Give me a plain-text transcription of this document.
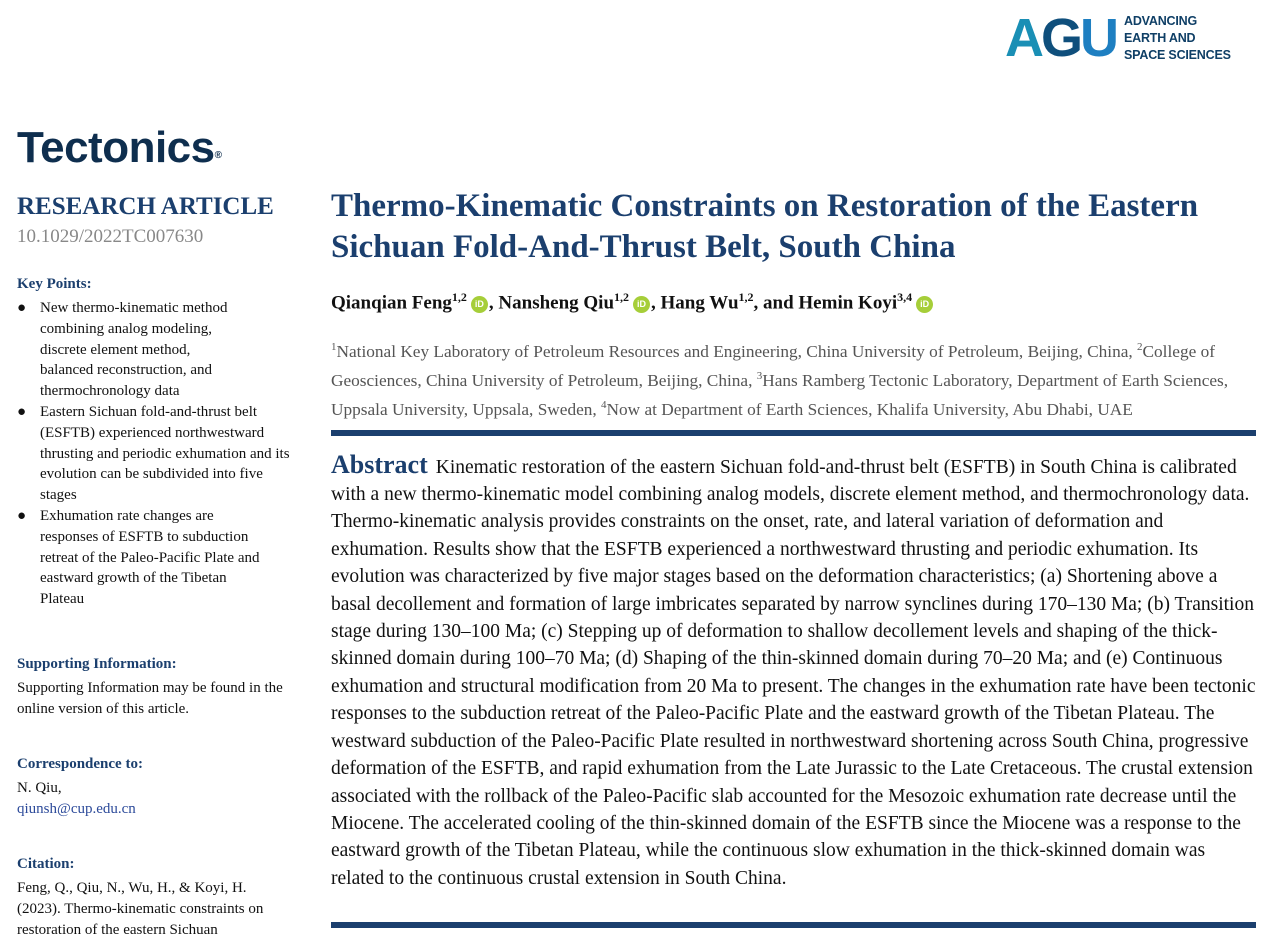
AGU ADVANCING
EARTH AND
SPACE SCIENCES
Tectonics®
RESEARCH ARTICLE
10.1029/2022TC007630
Key Points:
● New thermo-kinematic method combining analog modeling, discrete element method, balanced reconstruction, and thermochronology data
● Eastern Sichuan fold-and-thrust belt (ESFTB) experienced northwestward thrusting and periodic exhumation and its evolution can be subdivided into five stages
● Exhumation rate changes are responses of ESFTB to subduction retreat of the Paleo-Pacific Plate and eastward growth of the Tibetan Plateau
Supporting Information:
Supporting Information may be found in the online version of this article.
Correspondence to:
N. Qiu,
qiunsh@cup.edu.cn
Citation:
Feng, Q., Qiu, N., Wu, H., & Koyi, H. (2023). Thermo-kinematic constraints on restoration of the eastern Sichuan
Thermo-Kinematic Constraints on Restoration of the Eastern Sichuan Fold-And-Thrust Belt, South China
Qianqian Feng$^{1,2}$iD , Nansheng Qiu$^{1,2}$iD , Hang Wu$^{1,2}$, and Hemin Koyi$^{3,4}$iD
$^1$National Key Laboratory of Petroleum Resources and Engineering, China University of Petroleum, Beijing, China, $^2$College of Geosciences, China University of Petroleum, Beijing, China, $^3$Hans Ramberg Tectonic Laboratory, Department of Earth Sciences, Uppsala University, Uppsala, Sweden, $^4$Now at Department of Earth Sciences, Khalifa University, Abu Dhabi, UAE
Abstract Kinematic restoration of the eastern Sichuan fold-and-thrust belt (ESFTB) in South China is calibrated with a new thermo-kinematic model combining analog models, discrete element method, and thermochronology data. Thermo-kinematic analysis provides constraints on the onset, rate, and lateral variation of deformation and exhumation. Results show that the ESFTB experienced a northwestward thrusting and periodic exhumation. Its evolution was characterized by five major stages based on the deformation characteristics; (a) Shortening above a basal decollement and formation of large imbricates separated by narrow synclines during 170–130 Ma; (b) Transition stage during 130–100 Ma; (c) Stepping up of deformation to shallow decollement levels and shaping of the thick-skinned domain during 100–70 Ma; (d) Shaping of the thin-skinned domain during 70–20 Ma; and (e) Continuous exhumation and structural modification from 20 Ma to present. The changes in the exhumation rate have been tectonic responses to the subduction retreat of the Paleo-Pacific Plate and the eastward growth of the Tibetan Plateau. The westward subduction of the Paleo-Pacific Plate resulted in northwestward shortening across South China, progressive deformation of the ESFTB, and rapid exhumation from the Late Jurassic to the Late Cretaceous. The crustal extension associated with the rollback of the Paleo-Pacific slab accounted for the Mesozoic exhumation rate decrease until the Miocene. The accelerated cooling of the thin-skinned domain of the ESFTB since the Miocene was a response to the eastward growth of the Tibetan Plateau, while the continuous slow exhumation in the thick-skinned domain was related to the continuous crustal extension in South China.
